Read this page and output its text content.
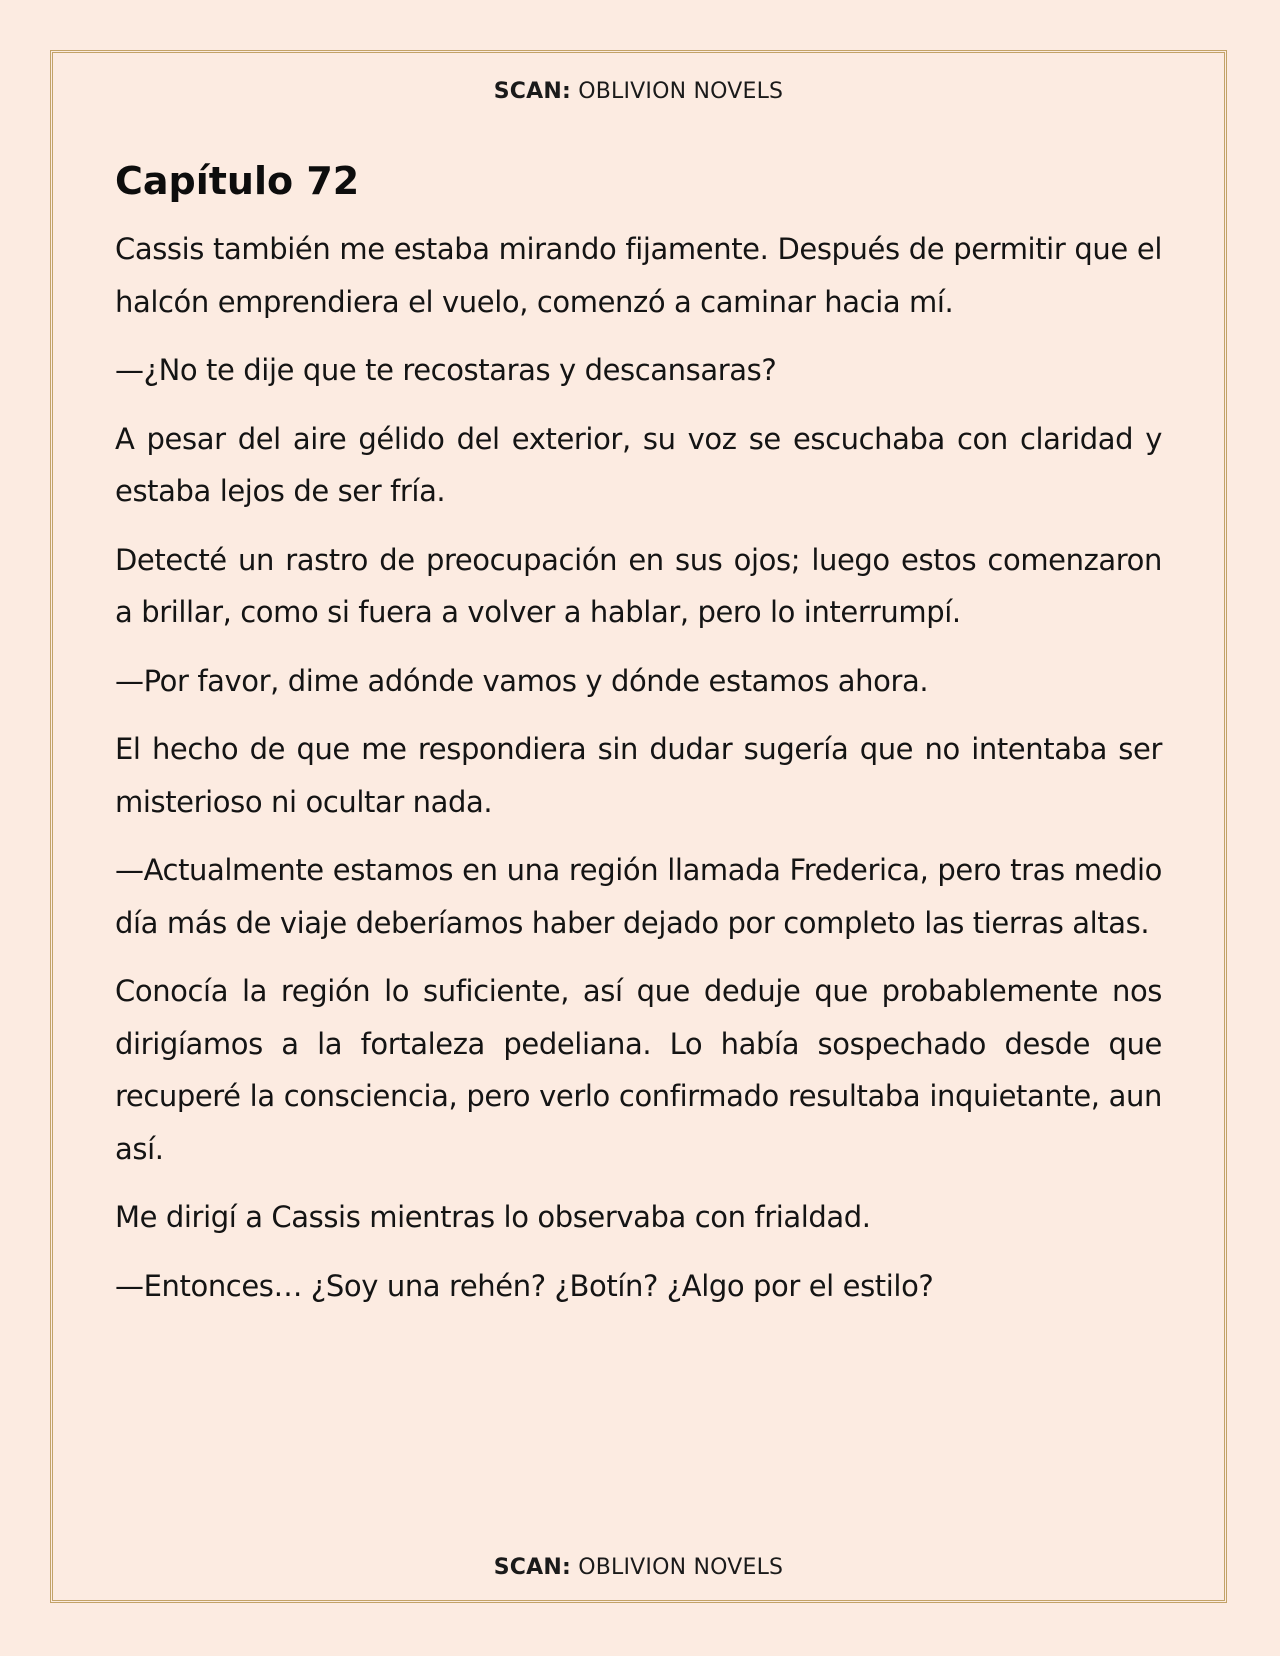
SCAN: OBLIVION NOVELS
Capítulo 72

Cassis también me estaba mirando fijamente. Después de permitir que el halcón emprendiera el vuelo, comenzó a caminar hacia mí.

—¿No te dije que te recostaras y descansaras?

A pesar del aire gélido del exterior, su voz se escuchaba con claridad y estaba lejos de ser fría.

Detecté un rastro de preocupación en sus ojos; luego estos comenzaron a brillar, como si fuera a volver a hablar, pero lo interrumpí.

—Por favor, dime adónde vamos y dónde estamos ahora.

El hecho de que me respondiera sin dudar sugería que no intentaba ser misterioso ni ocultar nada.

—Actualmente estamos en una región llamada Frederica, pero tras medio día más de viaje deberíamos haber dejado por completo las tierras altas.

Conocía la región lo suficiente, así que deduje que probablemente nos dirigíamos a la fortaleza pedeliana. Lo había sospechado desde que recuperé la consciencia, pero verlo confirmado resultaba inquietante, aun así.

Me dirigí a Cassis mientras lo observaba con frialdad.

—Entonces… ¿Soy una rehén? ¿Botín? ¿Algo por el estilo?

SCAN: OBLIVION NOVELS
